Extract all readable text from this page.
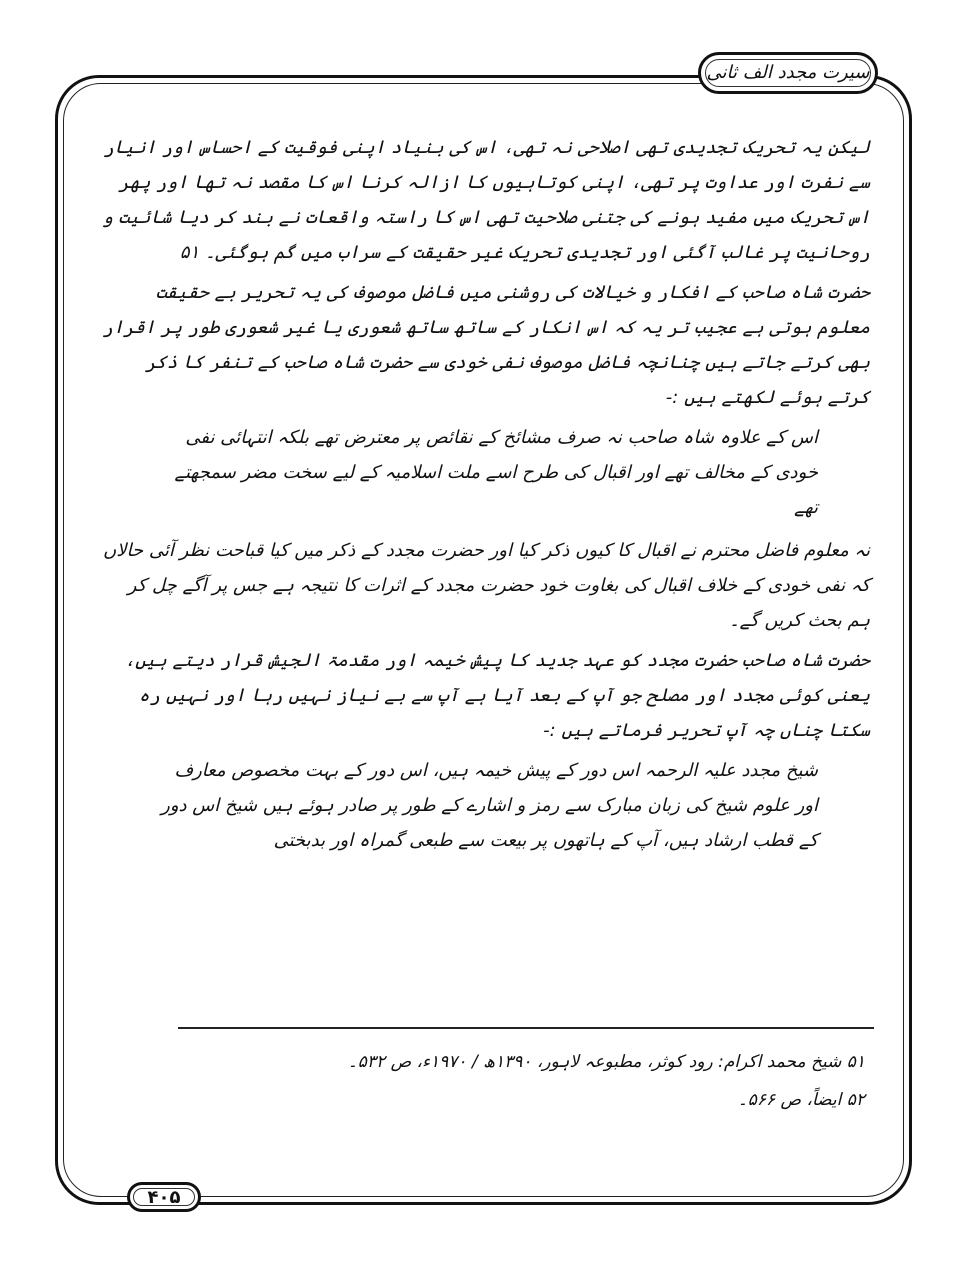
سیرت مجدد الف ثانی

لیکن یہ تحریک تجدیدی تھی اصلاحی نہ تھی، اس کی بنیاد اپنی فوقیت کے احساس اور انیار سے نفرت اور عداوت پر تھی، اپنی کوتاہیوں کا ازالہ کرنا اس کا مقصد نہ تھا اور پھر اس تحریک میں مفید ہونے کی جتنی صلاحیت تھی اس کا راستہ واقعات نے بند کر دیا شائیت و روحانیت پر غالب آگئی اور تجدیدی تحریک غیر حقیقت کے سراب میں گم ہوگئی۔ ۵۱

حضرت شاہ صاحب کے افکار و خیالات کی روشنی میں فاضل موصوف کی یہ تحریر بے حقیقت معلوم ہوتی ہے عجیب تر یہ کہ اس انکار کے ساتھ ساتھ شعوری یا غیر شعوری طور پر اقرار بھی کرتے جاتے ہیں چنانچہ فاضل موصوف نفی خودی سے حضرت شاہ صاحب کے تنفر کا ذکر کرتے ہوئے لکھتے ہیں :-

اس کے علاوہ شاہ صاحب نہ صرف مشائخ کے نقائص پر معترض تھے بلکہ انتہائی نفی خودی کے مخالف تھے اور اقبال کی طرح اسے ملت اسلامیہ کے لیے سخت مضر سمجھتے تھے

نہ معلوم فاضل محترم نے اقبال کا کیوں ذکر کیا اور حضرت مجدد کے ذکر میں کیا قباحت نظر آئی حالاں کہ نفی خودی کے خلاف اقبال کی بغاوت خود حضرت مجدد کے اثرات کا نتیجہ ہے جس پر آگے چل کر ہم بحث کریں گے۔

حضرت شاہ صاحب حضرت مجدد کو عہد جدید کا پیش خیمہ اور مقدمۃ الجیش قرار دیتے ہیں، یعنی کوئی مجدد اور مصلح جو آپ کے بعد آیا ہے آپ سے بے نیاز نہیں رہا اور نہیں رہ سکتا چناں چہ آپ تحریر فرماتے ہیں :-

شیخ مجدد علیہ الرحمہ اس دور کے پیش خیمہ ہیں، اس دور کے بہت مخصوص معارف اور علوم شیخ کی زبان مبارک سے رمز و اشارے کے طور پر صادر ہوئے ہیں شیخ اس دور کے قطب ارشاد ہیں، آپ کے ہاتھوں پر بیعت سے طبعی گمراہ اور بدبختی

۵۱ شیخ محمد اکرام: رود کوثر، مطبوعہ لاہور، ۱۳۹۰ھ / ۱۹۷۰ء، ص ۵۳۲۔
۵۲ ایضاً، ص ۵۶۶۔
۴۰۵
